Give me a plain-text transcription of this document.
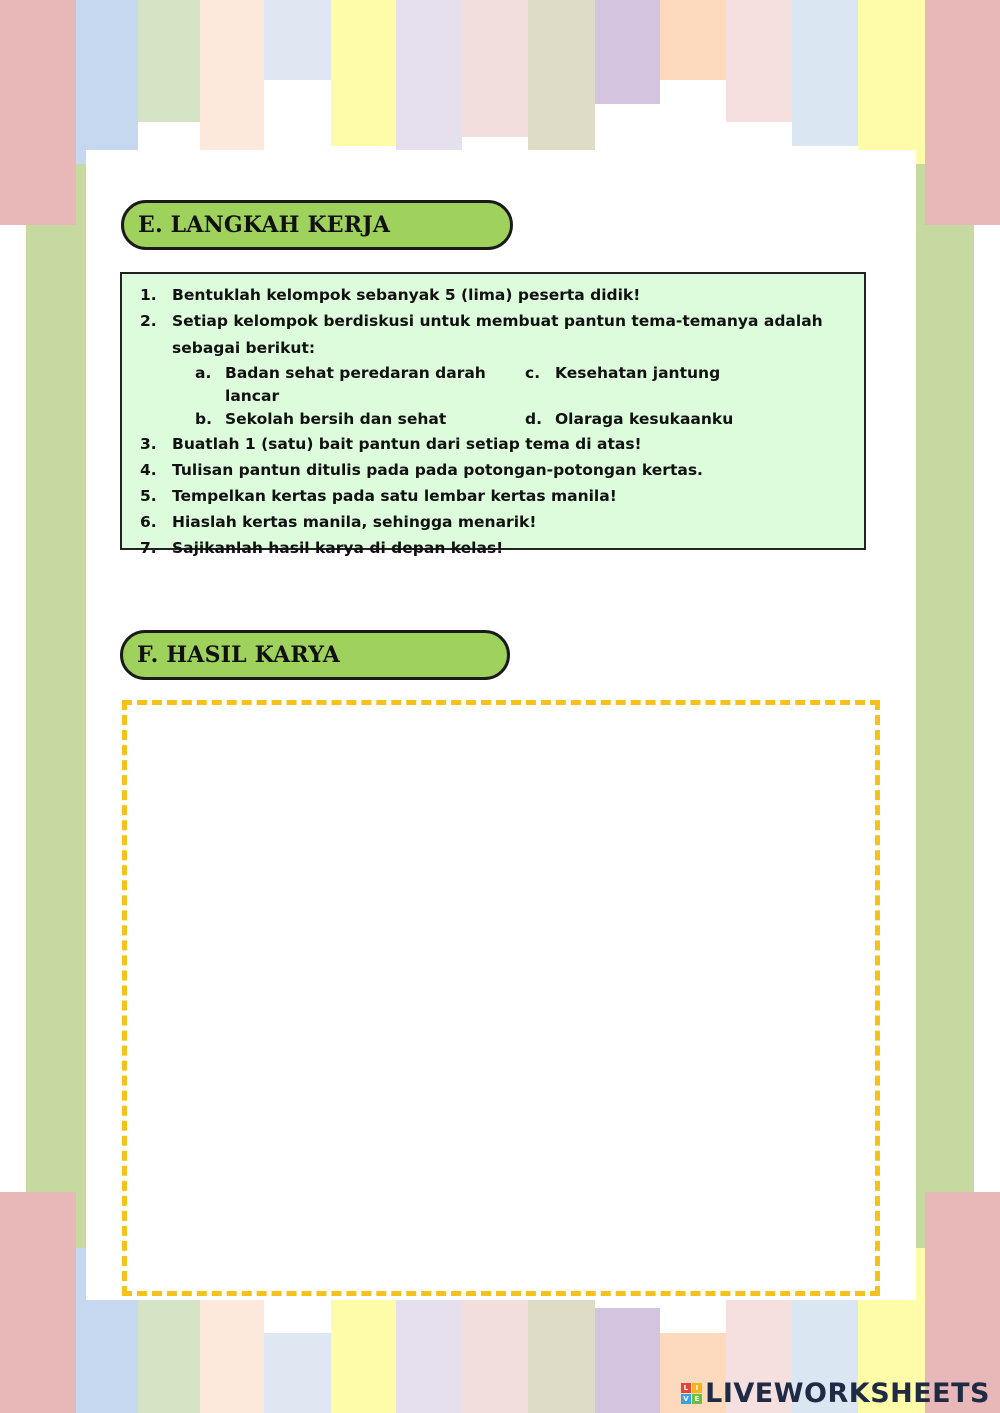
E. LANGKAH KERJA
1. Bentuklah kelompok sebanyak 5 (lima) peserta didik!
2. Setiap kelompok berdiskusi untuk membuat pantun tema-temanya adalah sebagai berikut:
a. Badan sehat peredaran darah lancar
c. Kesehatan jantung
b. Sekolah bersih dan sehat	d. Olaraga kesukaanku
3. Buatlah 1 (satu) bait pantun dari setiap tema di atas!
4. Tulisan pantun ditulis pada pada potongan-potongan kertas.
5. Tempelkan kertas pada satu lembar kertas manila!
6. Hiaslah kertas manila, sehingga menarik!
7. Sajikanlah hasil karya di depan kelas!
F. HASIL KARYA
L I
V E LIVEWORKSHEETS
